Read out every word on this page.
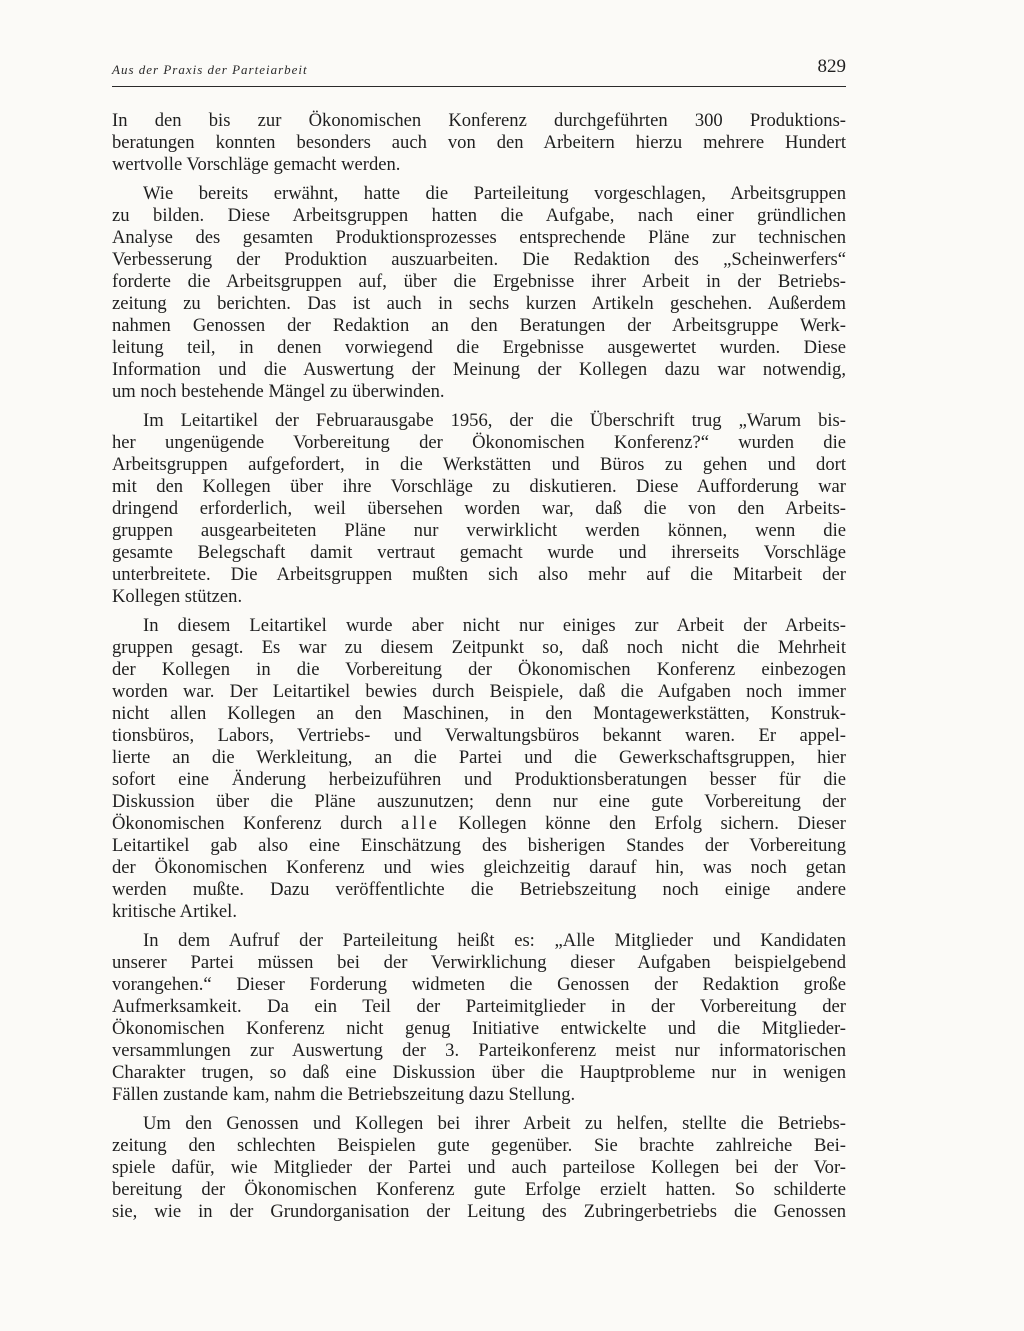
Aus der Praxis der Parteiarbeit	829

In den bis zur Ökonomischen Konferenz durchgeführten 300 Produktions-
beratungen konnten besonders auch von den Arbeitern hierzu mehrere Hundert
wertvolle Vorschläge gemacht werden.

Wie bereits erwähnt, hatte die Parteileitung vorgeschlagen, Arbeitsgruppen
zu bilden. Diese Arbeitsgruppen hatten die Aufgabe, nach einer gründlichen
Analyse des gesamten Produktionsprozesses entsprechende Pläne zur technischen
Verbesserung der Produktion auszuarbeiten. Die Redaktion des „Scheinwerfers“
forderte die Arbeitsgruppen auf, über die Ergebnisse ihrer Arbeit in der Betriebs-
zeitung zu berichten. Das ist auch in sechs kurzen Artikeln geschehen. Außerdem
nahmen Genossen der Redaktion an den Beratungen der Arbeitsgruppe Werk-
leitung teil, in denen vorwiegend die Ergebnisse ausgewertet wurden. Diese
Information und die Auswertung der Meinung der Kollegen dazu war notwendig,
um noch bestehende Mängel zu überwinden.

Im Leitartikel der Februarausgabe 1956, der die Überschrift trug „Warum bis-
her ungenügende Vorbereitung der Ökonomischen Konferenz?“ wurden die
Arbeitsgruppen aufgefordert, in die Werkstätten und Büros zu gehen und dort
mit den Kollegen über ihre Vorschläge zu diskutieren. Diese Aufforderung war
dringend erforderlich, weil übersehen worden war, daß die von den Arbeits-
gruppen ausgearbeiteten Pläne nur verwirklicht werden können, wenn die
gesamte Belegschaft damit vertraut gemacht wurde und ihrerseits Vorschläge
unterbreitete. Die Arbeitsgruppen mußten sich also mehr auf die Mitarbeit der
Kollegen stützen.

In diesem Leitartikel wurde aber nicht nur einiges zur Arbeit der Arbeits-
gruppen gesagt. Es war zu diesem Zeitpunkt so, daß noch nicht die Mehrheit
der Kollegen in die Vorbereitung der Ökonomischen Konferenz einbezogen
worden war. Der Leitartikel bewies durch Beispiele, daß die Aufgaben noch immer
nicht allen Kollegen an den Maschinen, in den Montagewerkstätten, Konstruk-
tionsbüros, Labors, Vertriebs- und Verwaltungsbüros bekannt waren. Er appel-
lierte an die Werkleitung, an die Partei und die Gewerkschaftsgruppen, hier
sofort eine Änderung herbeizuführen und Produktionsberatungen besser für die
Diskussion über die Pläne auszunutzen; denn nur eine gute Vorbereitung der
Ökonomischen Konferenz durch alle Kollegen könne den Erfolg sichern. Dieser
Leitartikel gab also eine Einschätzung des bisherigen Standes der Vorbereitung
der Ökonomischen Konferenz und wies gleichzeitig darauf hin, was noch getan
werden mußte. Dazu veröffentlichte die Betriebszeitung noch einige andere
kritische Artikel.

In dem Aufruf der Parteileitung heißt es: „Alle Mitglieder und Kandidaten
unserer Partei müssen bei der Verwirklichung dieser Aufgaben beispielgebend
vorangehen.“ Dieser Forderung widmeten die Genossen der Redaktion große
Aufmerksamkeit. Da ein Teil der Parteimitglieder in der Vorbereitung der
Ökonomischen Konferenz nicht genug Initiative entwickelte und die Mitglieder-
versammlungen zur Auswertung der 3. Parteikonferenz meist nur informatorischen
Charakter trugen, so daß eine Diskussion über die Hauptprobleme nur in wenigen
Fällen zustande kam, nahm die Betriebszeitung dazu Stellung.

Um den Genossen und Kollegen bei ihrer Arbeit zu helfen, stellte die Betriebs-
zeitung den schlechten Beispielen gute gegenüber. Sie brachte zahlreiche Bei-
spiele dafür, wie Mitglieder der Partei und auch parteilose Kollegen bei der Vor-
bereitung der Ökonomischen Konferenz gute Erfolge erzielt hatten. So schilderte
sie, wie in der Grundorganisation der Leitung des Zubringerbetriebs die Genossen
